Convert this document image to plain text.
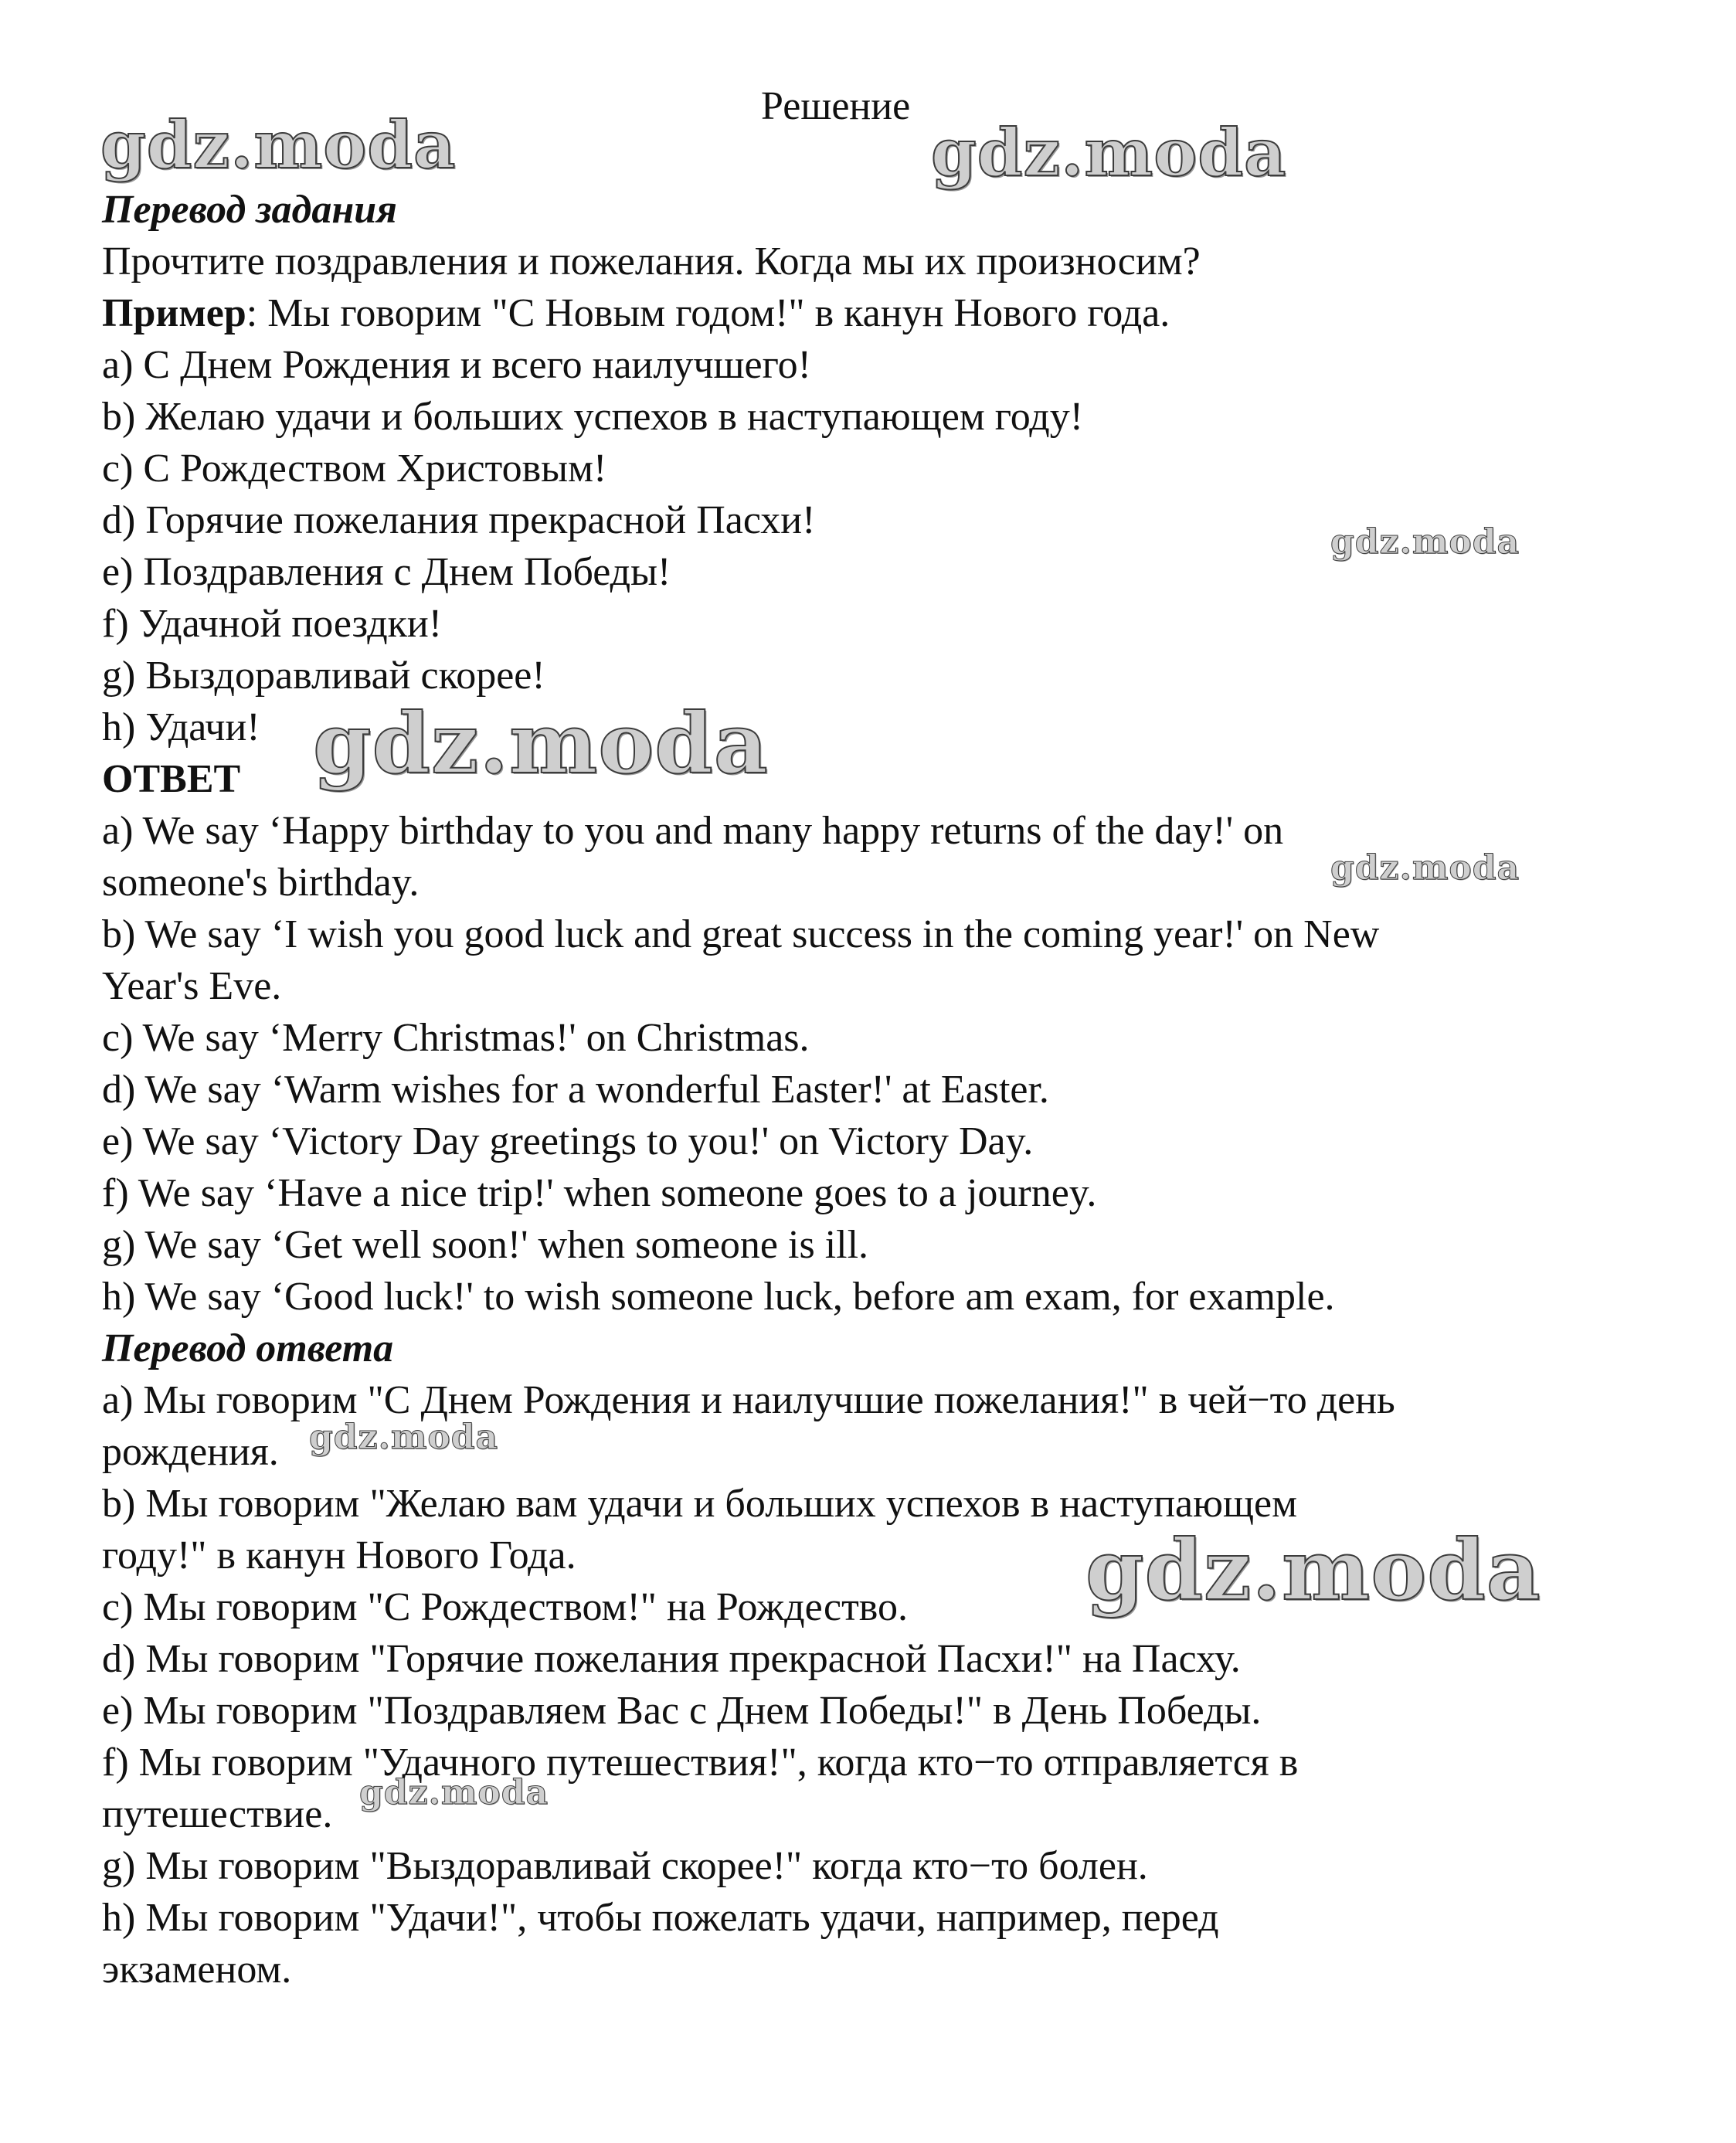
Решение
Перевод задания
Прочтите поздравления и пожелания. Когда мы их произносим?
Пример: Мы говорим "С Новым годом!" в канун Нового года.
a) С Днем Рождения и всего наилучшего!
b) Желаю удачи и больших успехов в наступающем году!
c) С Рождеством Христовым!
d) Горячие пожелания прекрасной Пасхи!
e) Поздравления с Днем Победы!
f) Удачной поездки!
g) Выздоравливай скорее!
h) Удачи!
ОТВЕТ
a) We say ‘Happy birthday to you and many happy returns of the day!' on
someone's birthday.
b) We say ‘I wish you good luck and great success in the coming year!' on New
Year's Eve.
c) We say ‘Merry Christmas!' on Christmas.
d) We say ‘Warm wishes for a wonderful Easter!' at Easter.
e) We say ‘Victory Day greetings to you!' on Victory Day.
f) We say ‘Have a nice trip!' when someone goes to a journey.
g) We say ‘Get well soon!' when someone is ill.
h) We say ‘Good luck!' to wish someone luck, before am exam, for example.
Перевод ответа
a) Мы говорим "С Днем Рождения и наилучшие пожелания!" в чей−то день
рождения.
b) Мы говорим "Желаю вам удачи и больших успехов в наступающем
году!" в канун Нового Года.
c) Мы говорим "С Рождеством!" на Рождество.
d) Мы говорим "Горячие пожелания прекрасной Пасхи!" на Пасху.
e) Мы говорим "Поздравляем Вас с Днем Победы!" в День Победы.
f) Мы говорим "Удачного путешествия!", когда кто−то отправляется в
путешествие.
g) Мы говорим "Выздоравливай скорее!" когда кто−то болен.
h) Мы говорим "Удачи!", чтобы пожелать удачи, например, перед
экзаменом.
gdz.moda	gdz.moda
gdz.moda
gdz.moda
gdz.moda
gdz.moda
gdz.moda
gdz.moda
